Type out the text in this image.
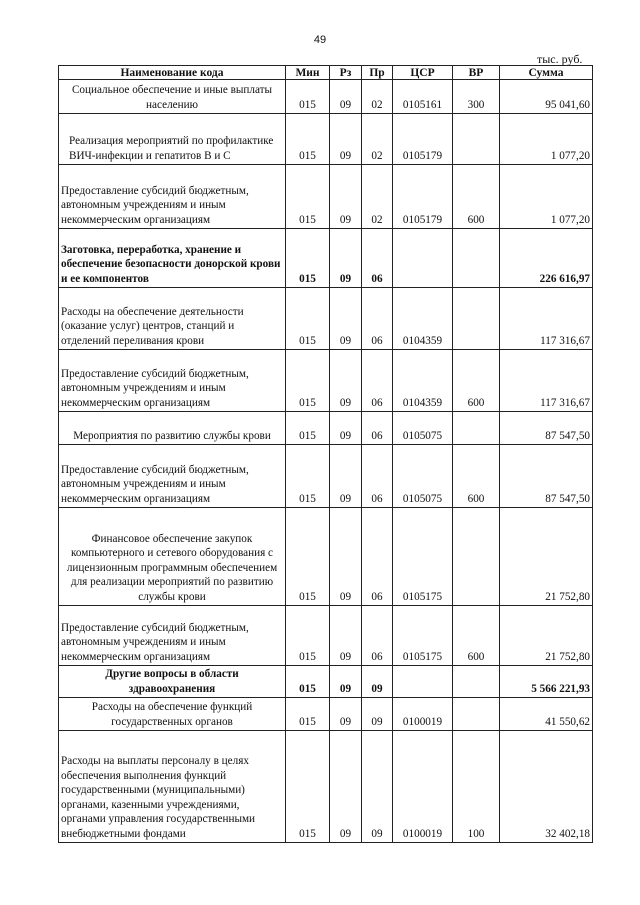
49
тыс. руб.
Наименование кода	Мин	Рз	Пр	ЦСР	ВР	Сумма
Социальное обеспечение и иные выплаты населению	015	09	02	0105161	300	95 041,60
Реализация мероприятий по профилактике ВИЧ-инфекции и гепатитов В и С	015	09	02	0105179		1 077,20
Предоставление субсидий бюджетным, автономным учреждениям и иным некоммерческим организациям	015	09	02	0105179	600	1 077,20
Заготовка, переработка, хранение и обеспечение безопасности донорской крови и ее компонентов	015	09	06			226 616,97
Расходы на обеспечение деятельности (оказание услуг) центров, станций и отделений переливания крови	015	09	06	0104359		117 316,67
Предоставление субсидий бюджетным, автономным учреждениям и иным некоммерческим организациям	015	09	06	0104359	600	117 316,67
Мероприятия по развитию службы крови	015	09	06	0105075		87 547,50
Предоставление субсидий бюджетным, автономным учреждениям и иным некоммерческим организациям	015	09	06	0105075	600	87 547,50
Финансовое обеспечение закупок компьютерного и сетевого оборудования с лицензионным программным обеспечением для реализации мероприятий по развитию службы крови	015	09	06	0105175		21 752,80
Предоставление субсидий бюджетным, автономным учреждениям и иным некоммерческим организациям	015	09	06	0105175	600	21 752,80
Другие вопросы в области здравоохранения	015	09	09			5 566 221,93
Расходы на обеспечение функций государственных органов	015	09	09	0100019		41 550,62
Расходы на выплаты персоналу в целях обеспечения выполнения функций государственными (муниципальными) органами, казенными учреждениями, органами управления государственными внебюджетными фондами	015	09	09	0100019	100	32 402,18
